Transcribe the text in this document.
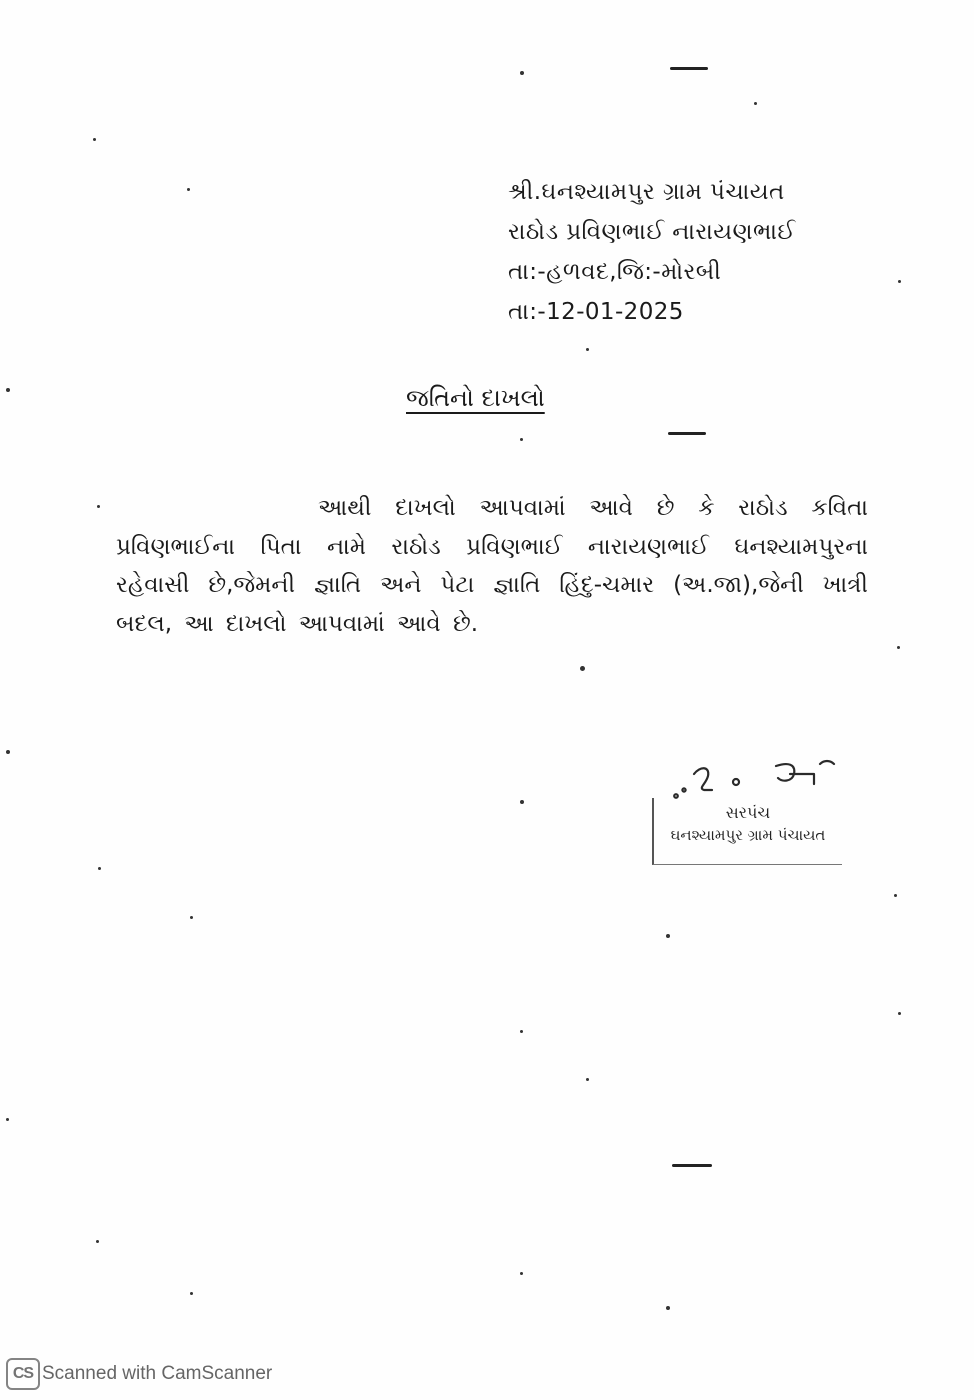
શ્રી.ઘનશ્યામપુર ગ્રામ પંચાયત
રાઠોડ પ્રવિણભાઈ નારાયણભાઈ
તા:-હળવદ,જિ:-મોરબી
તા:-12-01-2025
જતિનો દાખલો

આથી દાખલો આપવામાં આવે છે કે રાઠોડ કવિતા પ્રવિણભાઈના પિતા નામે રાઠોડ પ્રવિણભાઈ નારાયણભાઈ ઘનશ્યામપુરના રહેવાસી છે,જેમની જ્ઞાતિ અને પેટા જ્ઞાતિ હિંદુ-ચમાર (અ.જા),જેની ખાત્રી બદલ, આ દાખલો આપવામાં આવે છે.

સરપંચ
ઘનશ્યામપુર ગ્રામ પંચાયત
CS Scanned with CamScanner
